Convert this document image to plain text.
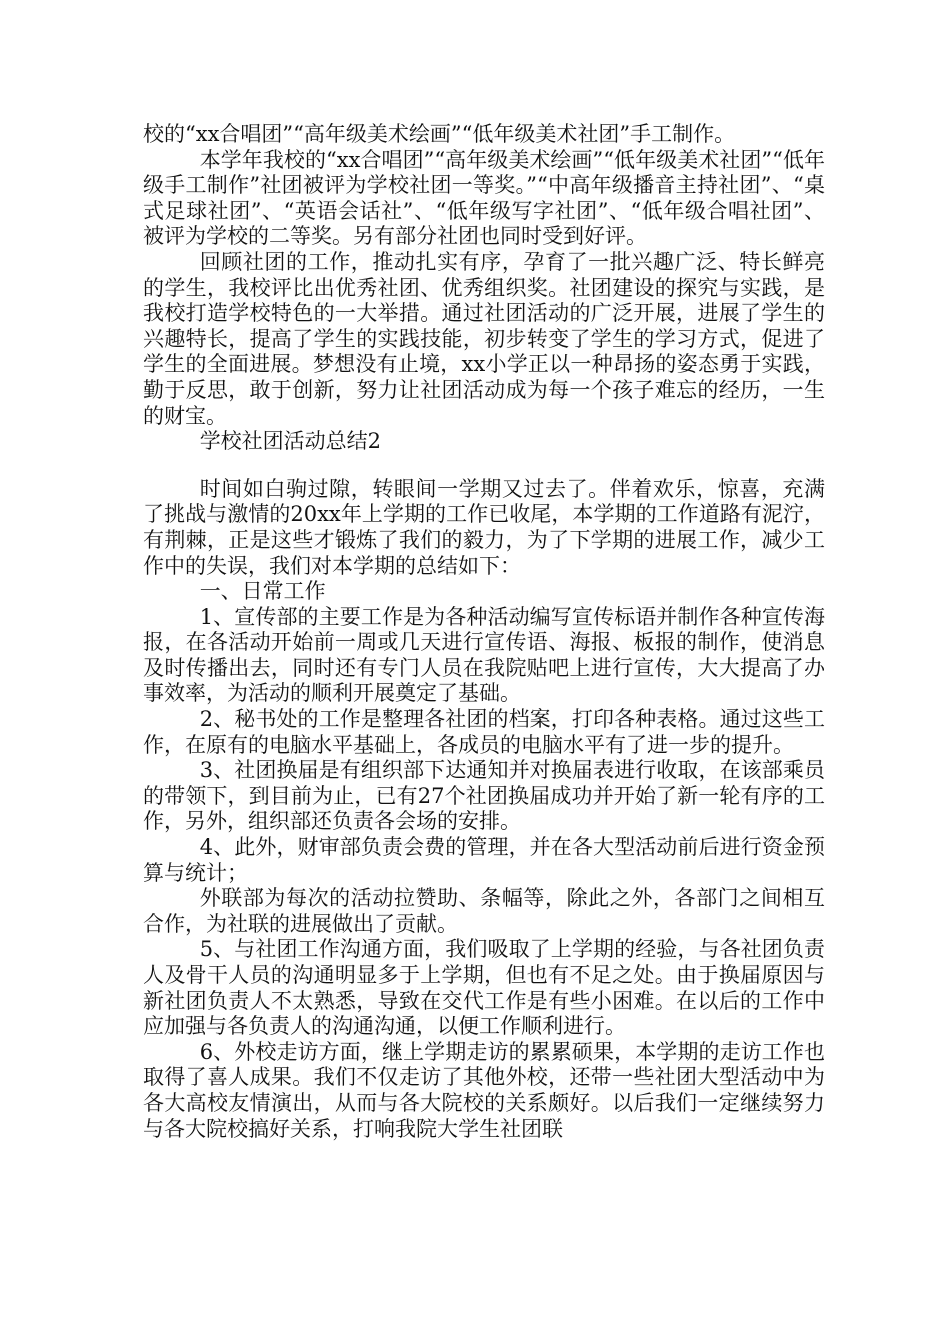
校的“xx合唱团”“高年级美术绘画”“低年级美术社团”手工制作。

本学年我校的“xx合唱团”“高年级美术绘画”“低年级美术社团”“低年级手工制作”社团被评为学校社团一等奖。”“中高年级播音主持社团”、“桌式足球社团”、“英语会话社”、“低年级写字社团”、“低年级合唱社团”、被评为学校的二等奖。另有部分社团也同时受到好评。

回顾社团的工作，推动扎实有序，孕育了一批兴趣广泛、特长鲜亮的学生，我校评比出优秀社团、优秀组织奖。社团建设的探究与实践，是我校打造学校特色的一大举措。通过社团活动的广泛开展，进展了学生的兴趣特长，提高了学生的实践技能，初步转变了学生的学习方式，促进了学生的全面进展。梦想没有止境，xx小学正以一种昂扬的姿态勇于实践，勤于反思，敢于创新，努力让社团活动成为每一个孩子难忘的经历，一生的财宝。

学校社团活动总结2

时间如白驹过隙，转眼间一学期又过去了。伴着欢乐，惊喜，充满了挑战与激情的20xx年上学期的工作已收尾，本学期的工作道路有泥泞，有荆棘，正是这些才锻炼了我们的毅力，为了下学期的进展工作，减少工作中的失误，我们对本学期的总结如下：

一、日常工作

1、宣传部的主要工作是为各种活动编写宣传标语并制作各种宣传海报，在各活动开始前一周或几天进行宣传语、海报、板报的制作，使消息及时传播出去，同时还有专门人员在我院贴吧上进行宣传，大大提高了办事效率，为活动的顺利开展奠定了基础。

2、秘书处的工作是整理各社团的档案，打印各种表格。通过这些工作，在原有的电脑水平基础上，各成员的电脑水平有了进一步的提升。

3、社团换届是有组织部下达通知并对换届表进行收取，在该部乘员的带领下，到目前为止，已有27个社团换届成功并开始了新一轮有序的工作，另外，组织部还负责各会场的安排。

4、此外，财审部负责会费的管理，并在各大型活动前后进行资金预算与统计；

外联部为每次的活动拉赞助、条幅等，除此之外，各部门之间相互合作，为社联的进展做出了贡献。

5、与社团工作沟通方面，我们吸取了上学期的经验，与各社团负责人及骨干人员的沟通明显多于上学期，但也有不足之处。由于换届原因与新社团负责人不太熟悉，导致在交代工作是有些小困难。在以后的工作中应加强与各负责人的沟通沟通，以便工作顺利进行。

6、外校走访方面，继上学期走访的累累硕果，本学期的走访工作也取得了喜人成果。我们不仅走访了其他外校，还带一些社团大型活动中为各大高校友情演出，从而与各大院校的关系颇好。以后我们一定继续努力与各大院校搞好关系，打响我院大学生社团联
